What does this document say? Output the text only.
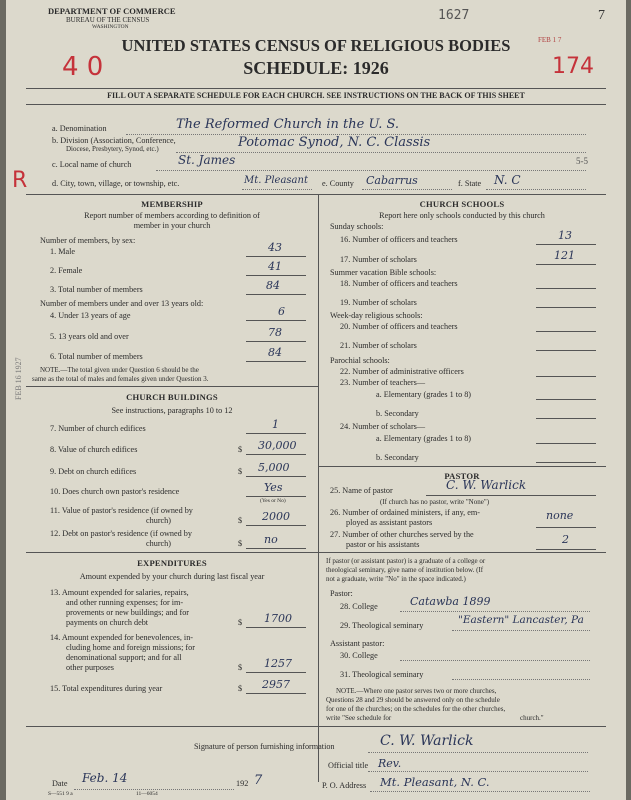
DEPARTMENT OF COMMERCE
BUREAU OF THE CENSUS
WASHINGTON
1627	7
FEB 1 7
UNITED STATES CENSUS OF RELIGIOUS BODIES
SCHEDULE: 1926
4 0	174
R
FEB 16 1927
FILL OUT A SEPARATE SCHEDULE FOR EACH CHURCH. SEE INSTRUCTIONS ON THE BACK OF THIS SHEET
a. Denomination	The Reformed Church in the U. S.
b. Division (Association, Conference,
Diocese, Presbytery, Synod, etc.)	Potomac Synod, N. C. Classis
c. Local name of church	St. James	5-5
d. City, town, village, or township, etc.	Mt. Pleasant e. County Cabarrus	f. State N. C
MEMBERSHIP
Report number of members according to definition of
member in your church
Number of members, by sex:
1. Male	43
2. Female	41
3. Total number of members	84
Number of members under and over 13 years old:
4. Under 13 years of age	6
5. 13 years old and over	78
6. Total number of members	84
NOTE.—The total given under Question 6 should be the
same as the total of males and females given under Question 3.
CHURCH BUILDINGS
See instructions, paragraphs 10 to 12
7. Number of church edifices	1
8. Value of church edifices	$ 30,000
9. Debt on church edifices	$ 5,000
10. Does church own pastor's residence	Yes
(Yes or No)
11. Value of pastor's residence (if owned by
church)	$ 2000
12. Debt on pastor's residence (if owned by
church)	$ no
EXPENDITURES
Amount expended by your church during last fiscal year
13. Amount expended for salaries, repairs,
and other running expenses; for im-
provements or new buildings; and for
payments on church debt	$ 1700
14. Amount expended for benevolences, in-
cluding home and foreign missions; for
denominational support; and for all
other purposes	$ 1257
15. Total expenditures during year	$ 2957
CHURCH SCHOOLS
Report here only schools conducted by this church
Sunday schools:
16. Number of officers and teachers	13
17. Number of scholars	121
Summer vacation Bible schools:
18. Number of officers and teachers
19. Number of scholars
Week-day religious schools:
20. Number of officers and teachers
21. Number of scholars
Parochial schools:
22. Number of administrative officers
23. Number of teachers—
a. Elementary (grades 1 to 8)
b. Secondary
24. Number of scholars—
a. Elementary (grades 1 to 8)
b. Secondary
PASTOR
25. Name of pastor	C. W. Warlick
(If church has no pastor, write "None")
26. Number of ordained ministers, if any, em-
ployed as assistant pastors
none
27. Number of other churches served by the
pastor or his assistants	2
If pastor (or assistant pastor) is a graduate of a college or
theological seminary, give name of institution below. (If
not a graduate, write "No" in the space indicated.)
Pastor:
28. College	Catawba 1899
29. Theological seminary	"Eastern" Lancaster, Pa
Assistant pastor:
30. College
31. Theological seminary
NOTE.—Where one pastor serves two or more churches,
Questions 28 and 29 should be answered only on the schedule
for one of the churches; on the schedules for the other churches,
write "See schedule for	church."
Signature of person furnishing information	C. W. Warlick
Official title Rev.
Date Feb. 14	192 7	P. O. Address Mt. Pleasant, N. C.
S—551 9 a	11—6054
